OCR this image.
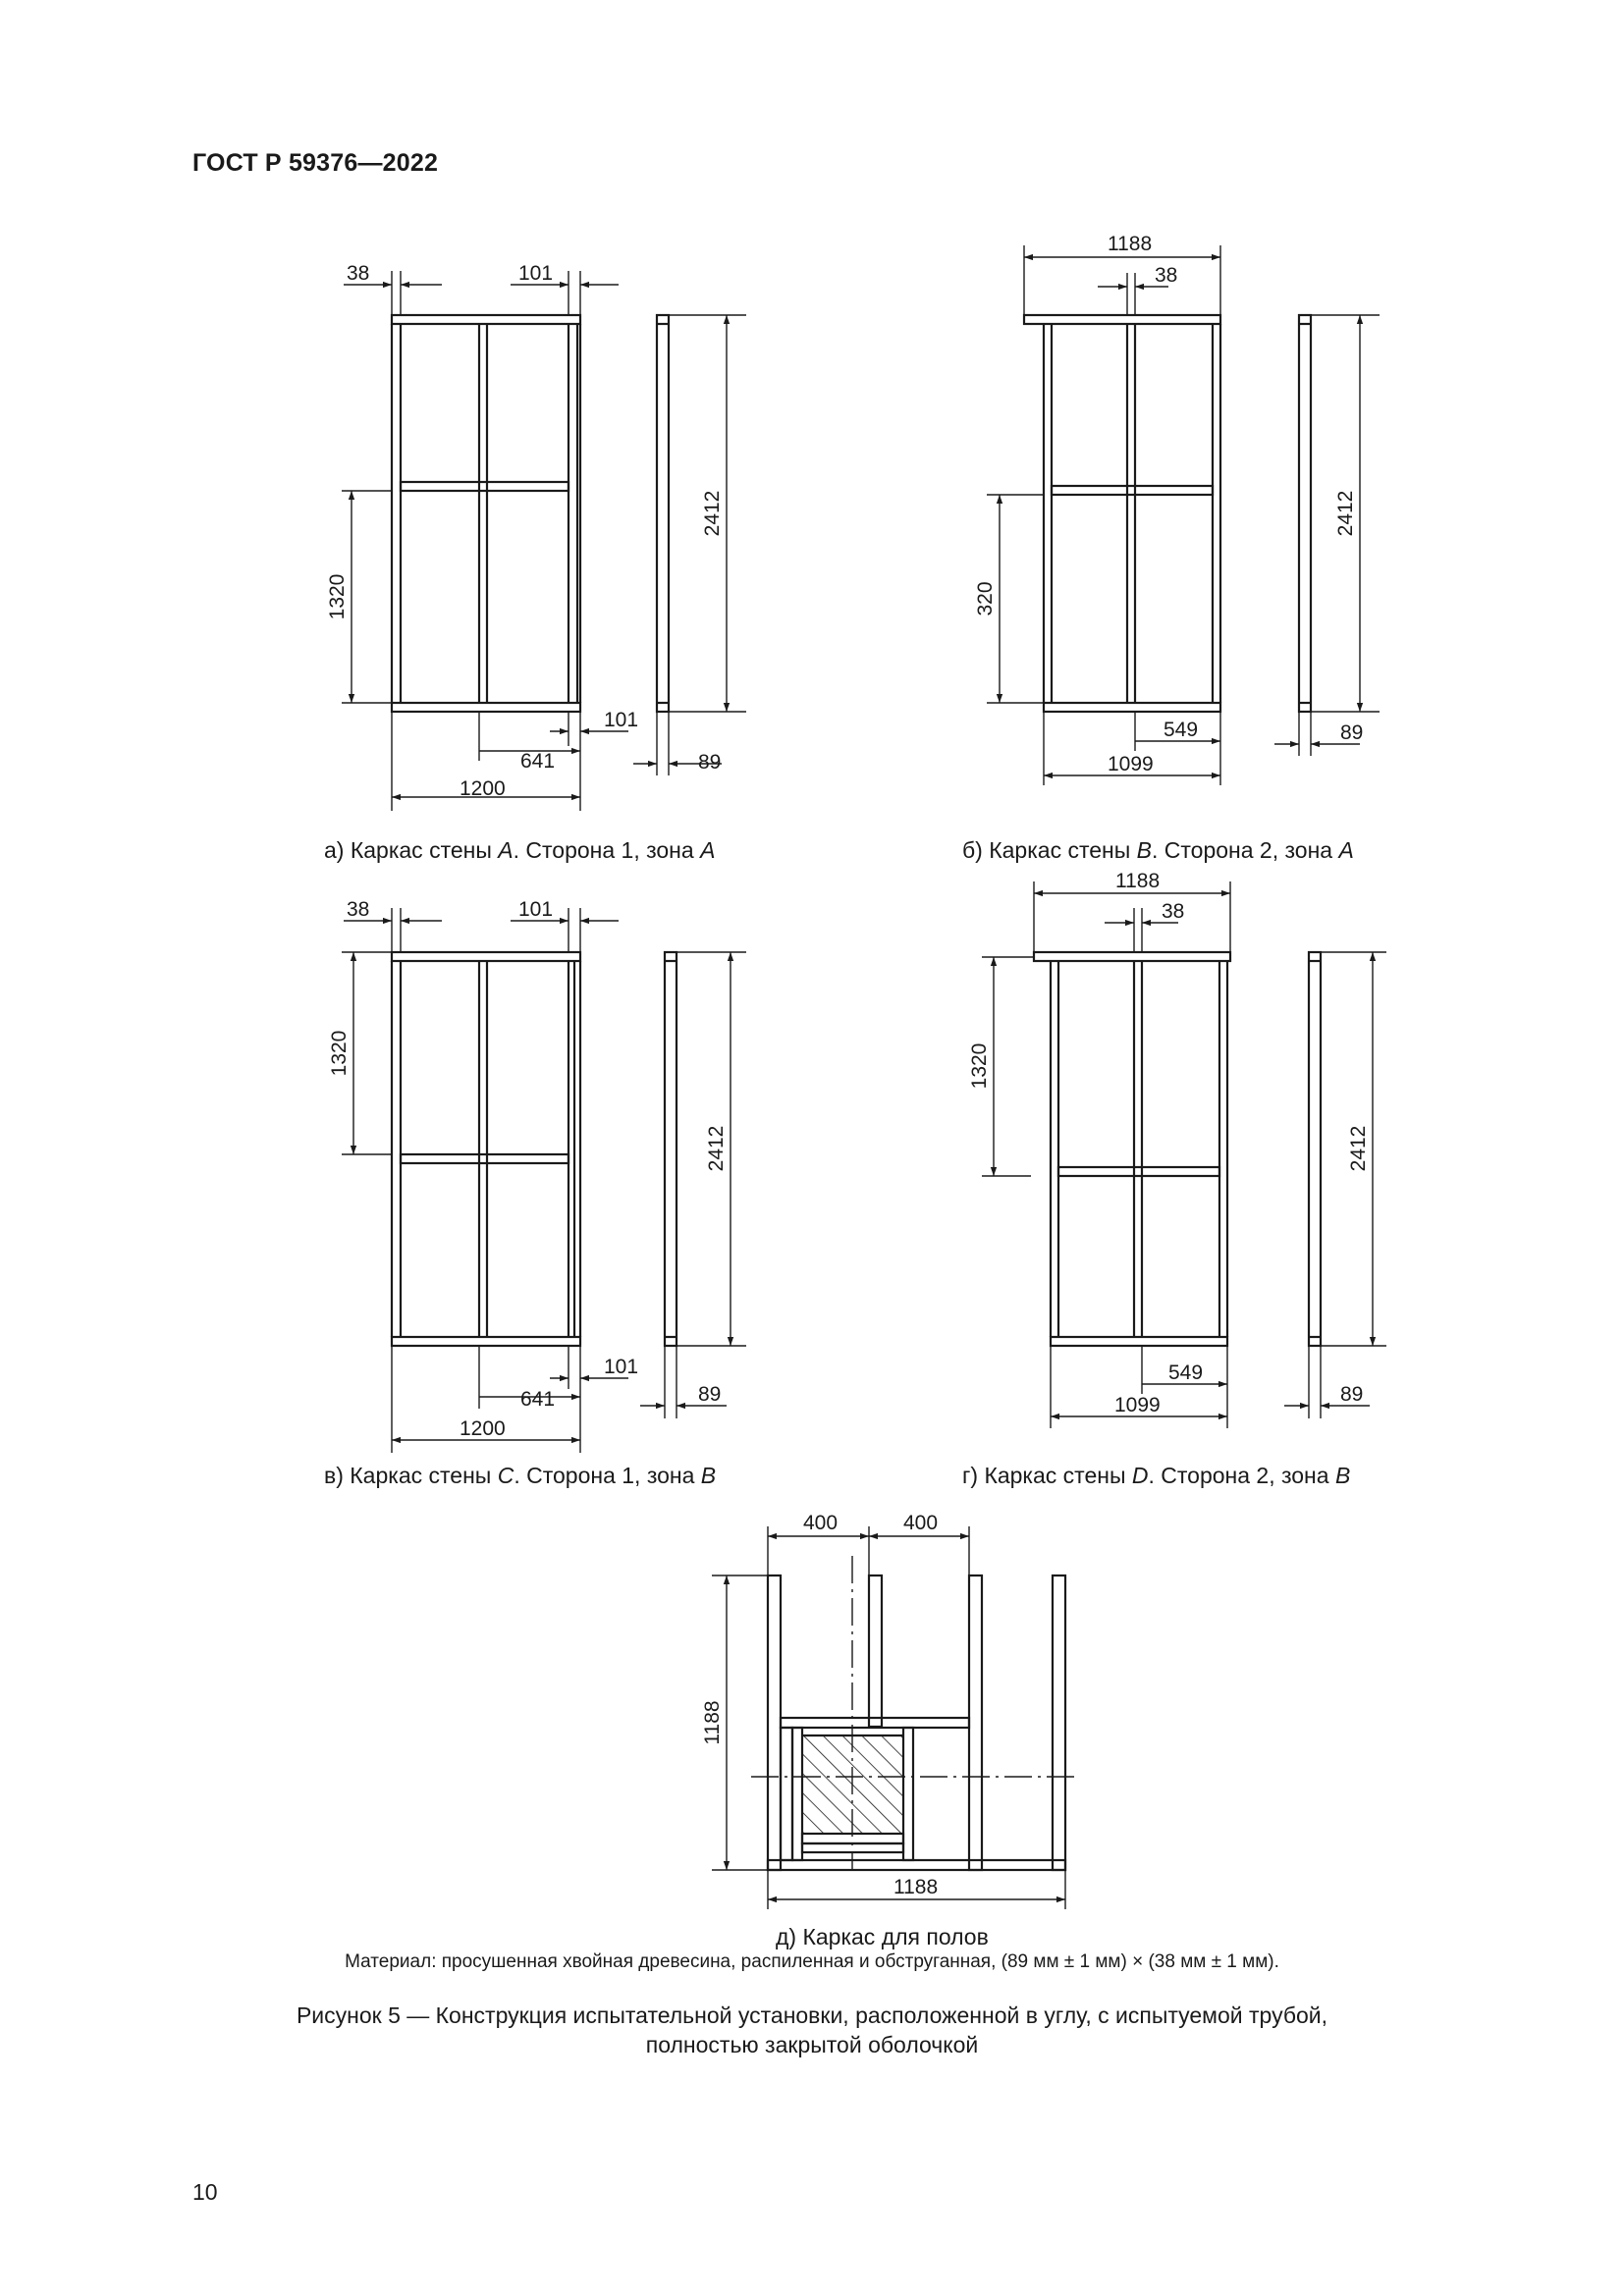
ГОСТ Р 59376—2022
38	101
2412
1320
101
641
1200
89
1188
38
2412
320
549
1099
89
38	101
2412
1320
101
641
1200
89
1188
38
2412
1320
549
1099	89
400	400
1188
1188
а) Каркас стены A. Сторона 1, зона A	б) Каркас стены B. Сторона 2, зона A
в) Каркас стены C. Сторона 1, зона B	г) Каркас стены D. Сторона 2, зона B
д) Каркас для полов
Материал: просушенная хвойная древесина, распиленная и обструганная, (89 мм ± 1 мм) × (38 мм ± 1 мм).
Рисунок 5 — Конструкция испытательной установки, расположенной в углу, с испытуемой трубой,
полностью закрытой оболочкой
10
